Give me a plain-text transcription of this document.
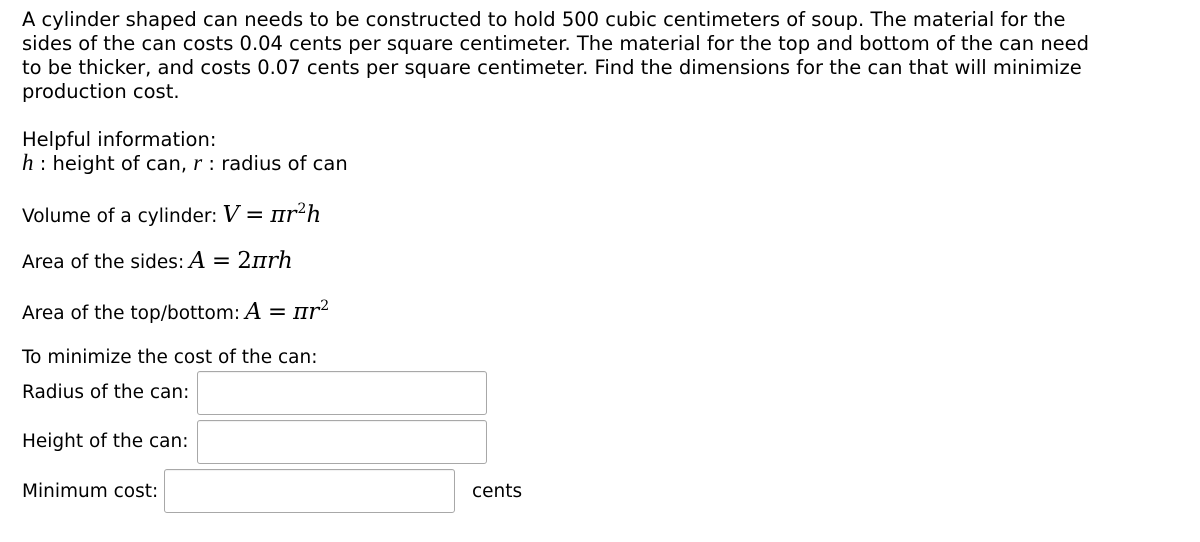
A cylinder shaped can needs to be constructed to hold 500 cubic centimeters of soup. The material for the
sides of the can costs 0.04 cents per square centimeter. The material for the top and bottom of the can need
to be thicker, and costs 0.07 cents per square centimeter. Find the dimensions for the can that will minimize
production cost.
Helpful information:
h : height of can, r : radius of can
Volume of a cylinder: $V = \pi r^2h$
Area of the sides: A = 2πrh
Area of the top/bottom: $A = \pi r^2$
To minimize the cost of the can:
Radius of the can:
Height of the can:
Minimum cost:	cents
